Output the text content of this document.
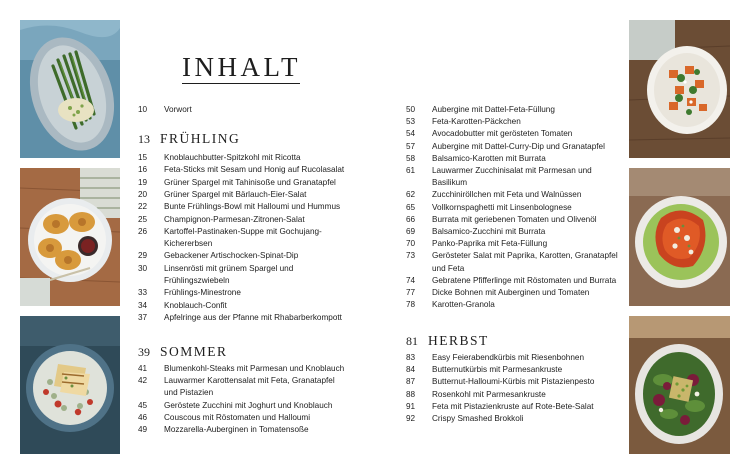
INHALT
10	Vorwort
13 FRÜHLING
15	Knoblauchbutter-Spitzkohl mit Ricotta
16	Feta-Sticks mit Sesam und Honig auf Rucolasalat
19	Grüner Spargel mit Tahinisoße und Granatapfel
20	Grüner Spargel mit Bärlauch-Eier-Salat
22	Bunte Frühlings-Bowl mit Halloumi und Hummus
25	Champignon-Parmesan-Zitronen-Salat
26	Kartoffel-Pastinaken-Suppe mit Gochujang-
Kichererbsen
29	Gebackener Artischocken-Spinat-Dip
30	Linsenrösti mit grünem Spargel und
Frühlingszwiebeln
33	Frühlings-Minestrone
34	Knoblauch-Confit
37	Apfelringe aus der Pfanne mit Rhabarberkompott
39 SOMMER
41	Blumenkohl-Steaks mit Parmesan und Knoblauch
42	Lauwarmer Karottensalat mit Feta, Granatapfel
und Pistazien
45	Geröstete Zucchini mit Joghurt und Knoblauch
46	Couscous mit Röstomaten und Halloumi
49	Mozzarella-Auberginen in Tomatensoße
50	Aubergine mit Dattel-Feta-Füllung
53	Feta-Karotten-Päckchen
54	Avocadobutter mit gerösteten Tomaten
57	Aubergine mit Dattel-Curry-Dip und Granatapfel
58	Balsamico-Karotten mit Burrata
61	Lauwarmer Zucchinisalat mit Parmesan und
Basilikum
62	Zucchiniröllchen mit Feta und Walnüssen
65	Vollkornspaghetti mit Linsenbolognese
66	Burrata mit geriebenen Tomaten und Olivenöl
69	Balsamico-Zucchini mit Burrata
70	Panko-Paprika mit Feta-Füllung
73	Gerösteter Salat mit Paprika, Karotten, Granatapfel
und Feta
74	Gebratene Pfifferlinge mit Röstomaten und Burrata
77	Dicke Bohnen mit Auberginen und Tomaten
78	Karotten-Granola
81 HERBST
83	Easy Feierabendkürbis mit Riesenbohnen
84	Butternutkürbis mit Parmesankruste
87	Butternut-Halloumi-Kürbis mit Pistazienpesto
88	Rosenkohl mit Parmesankruste
91	Feta mit Pistazienkruste auf Rote-Bete-Salat
92	Crispy Smashed Brokkoli
